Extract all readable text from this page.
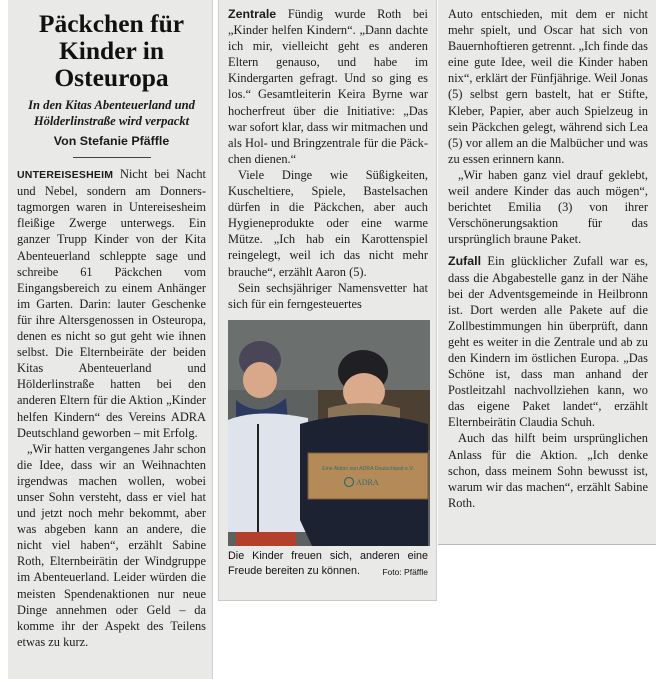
Päckchen für
Kinder in
Osteuropa
In den Kitas Abenteuerland und
Hölderlinstraße wird verpackt
Von Stefanie Pfäffle

UNTEREISESHEIM Nicht bei Nacht und Nebel, sondern am Donnerstagmorgen waren in Untereisesheim fleißige Zwerge unterwegs. Ein ganzer Trupp Kinder von der Kita Abenteuerland schleppte sage und schreibe 61 Päckchen vom Eingangsbereich zu einem Anhänger im Garten. Darin: lauter Geschenke für ihre Altersgenossen in Osteuropa, denen es nicht so gut geht wie ihnen selbst. Die Elternbeiräte der beiden Kitas Abenteuerland und Hölderlinstraße hatten bei den anderen Eltern für die Aktion „Kinder helfen Kindern“ des Vereins ADRA Deutschland geworben – mit Erfolg.

„Wir hatten vergangenes Jahr schon die Idee, dass wir an Weihnachten irgendwas machen wollen, wobei unser Sohn versteht, dass er viel hat und jetzt noch mehr bekommt, aber was abgeben kann an andere, die nicht viel haben“, erzählt Sabine Roth, Elternbeirätin der Windgruppe im Abenteuerland. Leider würden die meisten Spendenaktionen nur neue Dinge annehmen oder Geld – da komme ihr der Aspekt des Teilens etwas zu kurz.

Zentrale Fündig wurde Roth bei „Kinder helfen Kindern“. „Dann dachte ich mir, vielleicht geht es anderen Eltern genauso, und habe im Kindergarten gefragt. Und so ging es los.“ Gesamtleiterin Keira Byrne war hocherfreut über die Initiative: „Das war sofort klar, dass wir mitmachen und als Hol- und Bringzentrale für die Päckchen dienen.“

Viele Dinge wie Süßigkeiten, Kuscheltiere, Spiele, Bastelsachen dürfen in die Päckchen, aber auch Hygieneprodukte oder eine warme Mütze. „Ich hab ein Karottenspiel reingelegt, weil ich das nicht mehr brauche“, erzählt Aaron (5).

Sein sechsjähriger Namensvetter hat sich für ein ferngesteuertes

Eine Aktion von ADRA Deutschland e.V.
ADRA
Die Kinder freuen sich, anderen eine Freude bereiten zu können.	Foto: Pfäffle

Auto entschieden, mit dem er nicht mehr spielt, und Oscar hat sich von Bauernhoftieren getrennt. „Ich finde das eine gute Idee, weil die Kinder haben nix“, erklärt der Fünfjährige. Weil Jonas (5) selbst gern bastelt, hat er Stifte, Kleber, Papier, aber auch Spielzeug in sein Päckchen gelegt, während sich Lea (5) vor allem an die Malbücher und was zu essen erinnern kann.

„Wir haben ganz viel drauf geklebt, weil andere Kinder das auch mögen“, berichtet Emilia (3) von ihrer Verschönerungsaktion für das ursprünglich braune Paket.

Zufall Ein glücklicher Zufall war es, dass die Abgabestelle ganz in der Nähe bei der Adventsgemeinde in Heilbronn ist. Dort werden alle Pakete auf die Zollbestimmungen hin überprüft, dann geht es weiter in die Zentrale und ab zu den Kindern im östlichen Europa. „Das Schöne ist, dass man anhand der Postleitzahl nachvollziehen kann, wo das eigene Paket landet“, erzählt Elternbeirätin Claudia Schuh.

Auch das hilft beim ursprünglichen Anlass für die Aktion. „Ich denke schon, dass meinem Sohn bewusst ist, warum wir das machen“, erzählt Sabine Roth.
